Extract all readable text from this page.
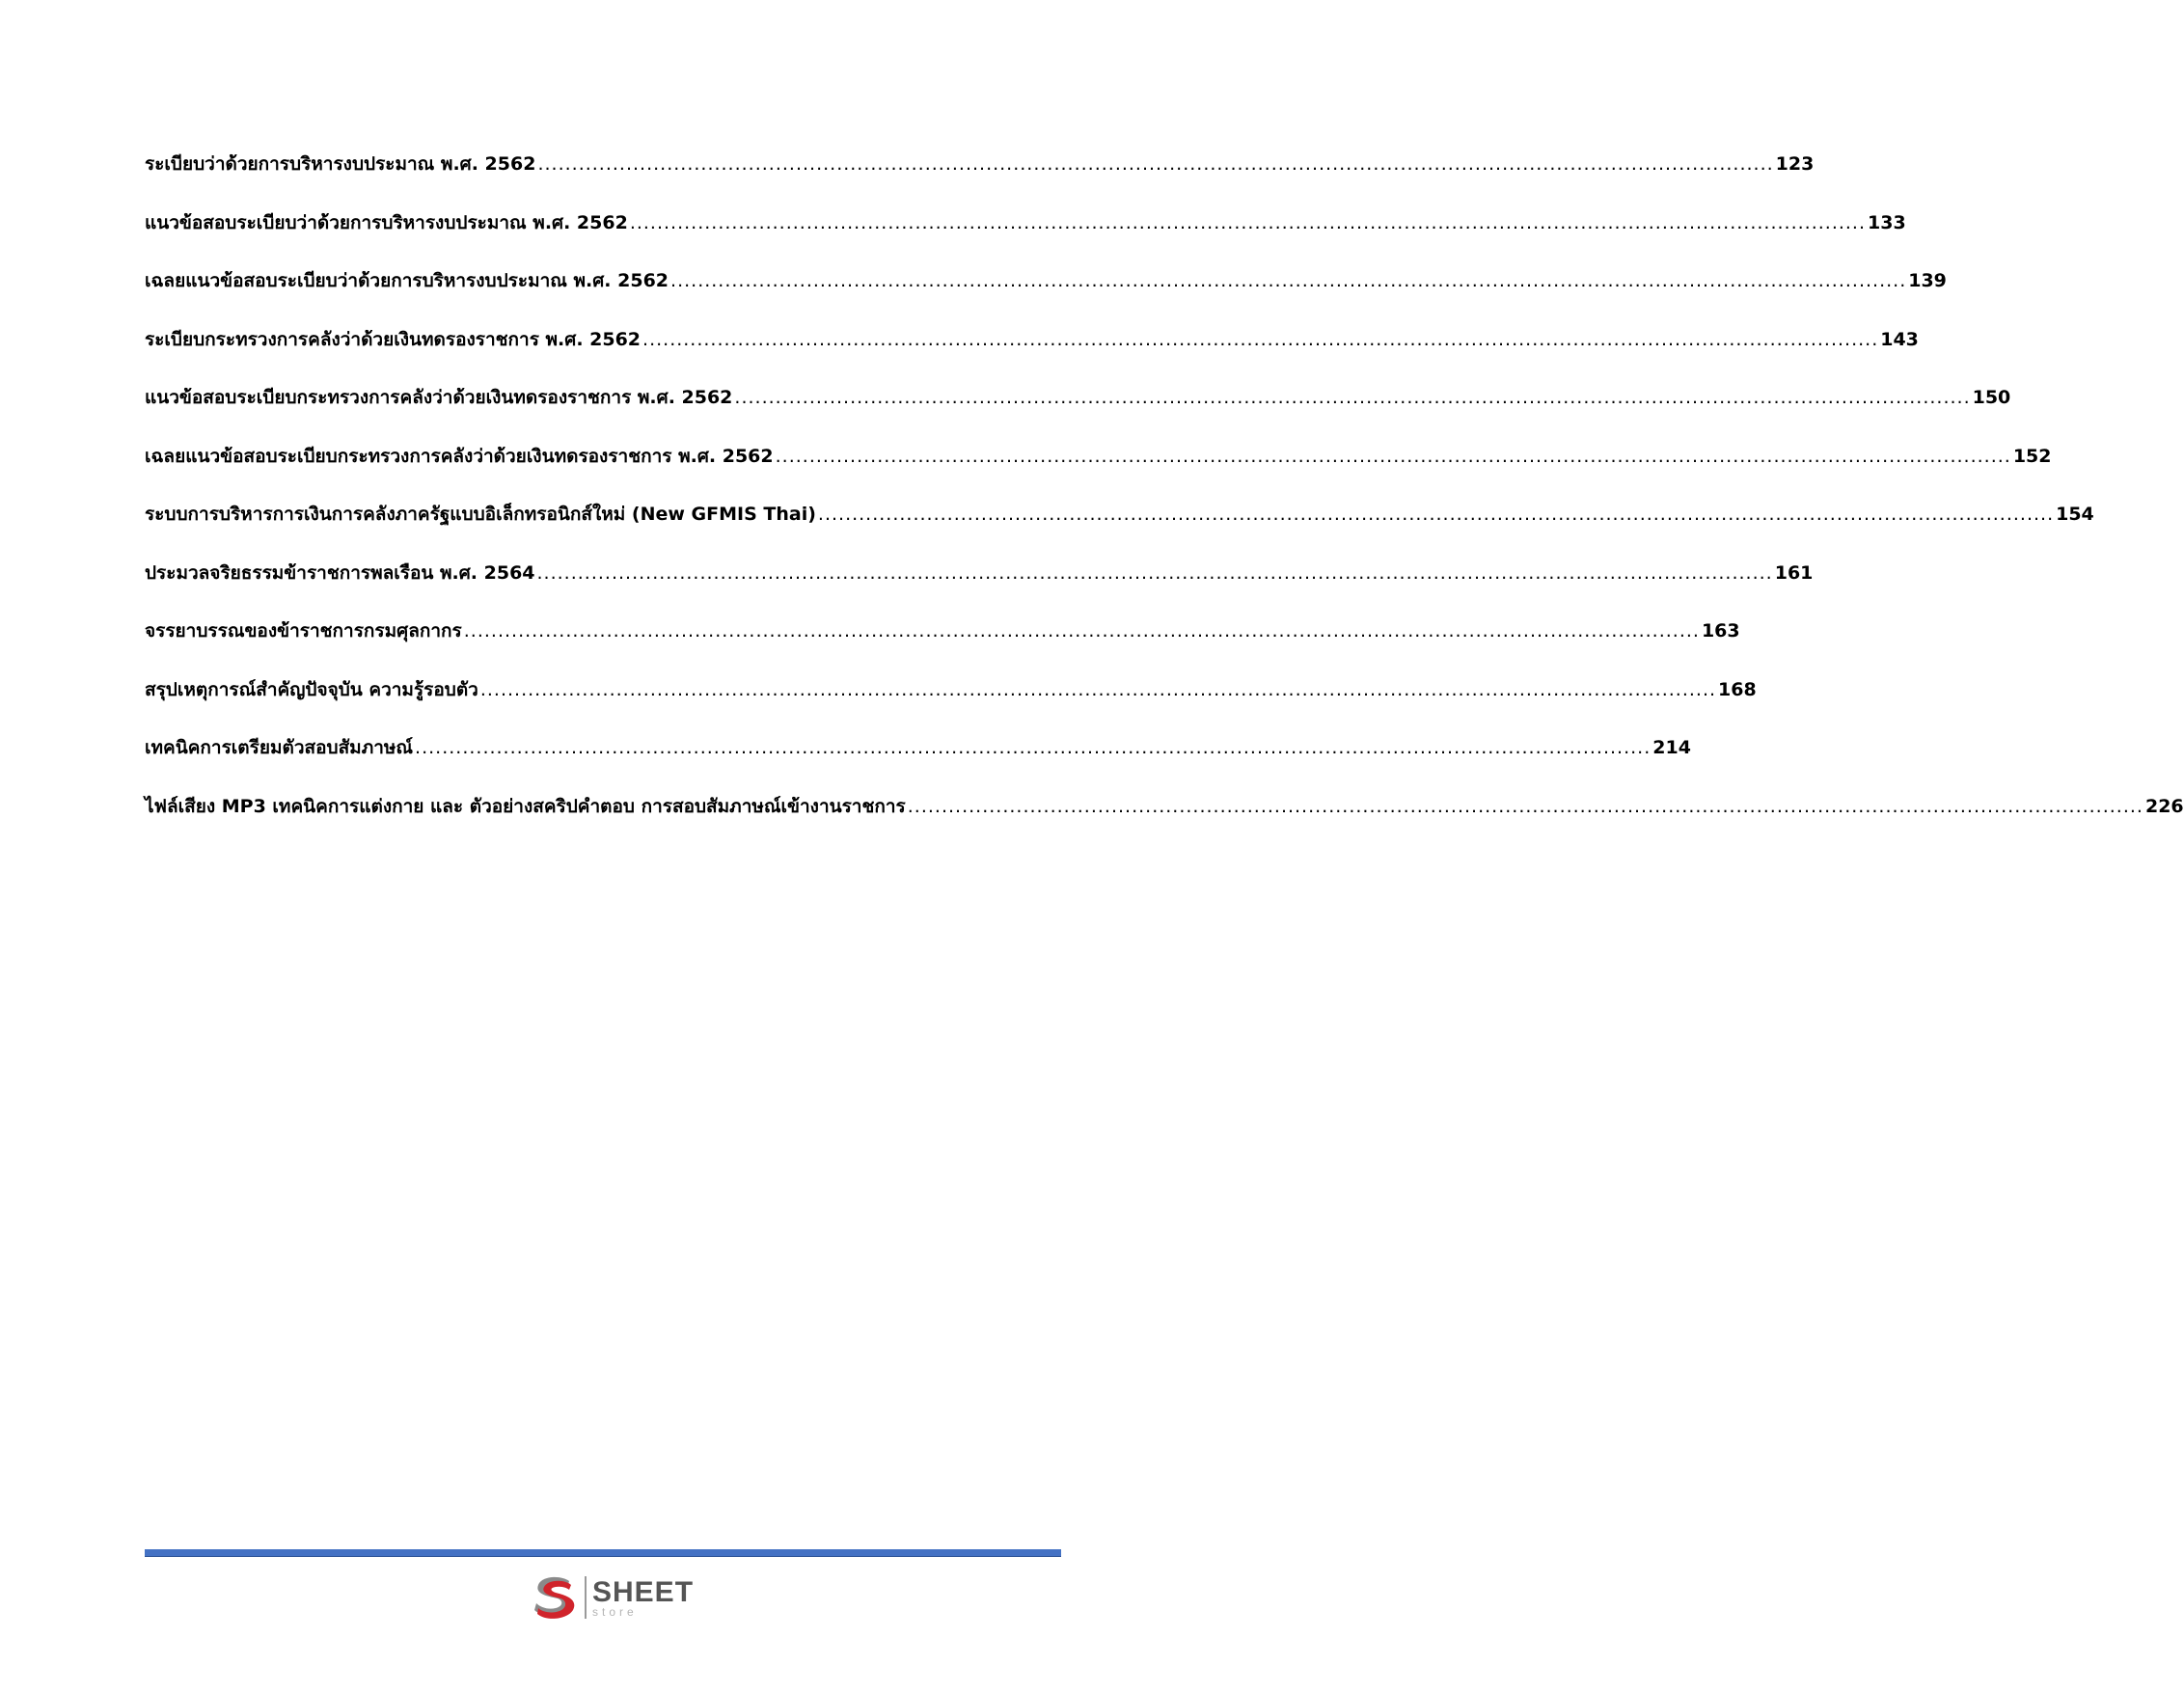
ระเบียบว่าด้วยการบริหารงบประมาณ พ.ศ. 2562 ...................................................................................................................................................................................... 123
แนวข้อสอบระเบียบว่าด้วยการบริหารงบประมาณ พ.ศ. 2562 ...................................................................................................................................................................................... 133
เฉลยแนวข้อสอบระเบียบว่าด้วยการบริหารงบประมาณ พ.ศ. 2562 ...................................................................................................................................................................................... 139
ระเบียบกระทรวงการคลังว่าด้วยเงินทดรองราชการ พ.ศ. 2562 ...................................................................................................................................................................................... 143
แนวข้อสอบระเบียบกระทรวงการคลังว่าด้วยเงินทดรองราชการ พ.ศ. 2562 ...................................................................................................................................................................................... 150
เฉลยแนวข้อสอบระเบียบกระทรวงการคลังว่าด้วยเงินทดรองราชการ พ.ศ. 2562 ...................................................................................................................................................................................... 152
ระบบการบริหารการเงินการคลังภาครัฐแบบอิเล็กทรอนิกส์ใหม่ (New GFMIS Thai) ...................................................................................................................................................................................... 154
ประมวลจริยธรรมข้าราชการพลเรือน พ.ศ. 2564 ...................................................................................................................................................................................... 161
จรรยาบรรณของข้าราชการกรมศุลกากร ...................................................................................................................................................................................... 163
สรุปเหตุการณ์สำคัญปัจจุบัน ความรู้รอบตัว ...................................................................................................................................................................................... 168
เทคนิคการเตรียมตัวสอบสัมภาษณ์ ...................................................................................................................................................................................... 214
ไฟล์เสียง MP3 เทคนิคการแต่งกาย และ ตัวอย่างสคริปคำตอบ การสอบสัมภาษณ์เข้างานราชการ ...................................................................................................................................................................................... 226
SHEET
store
